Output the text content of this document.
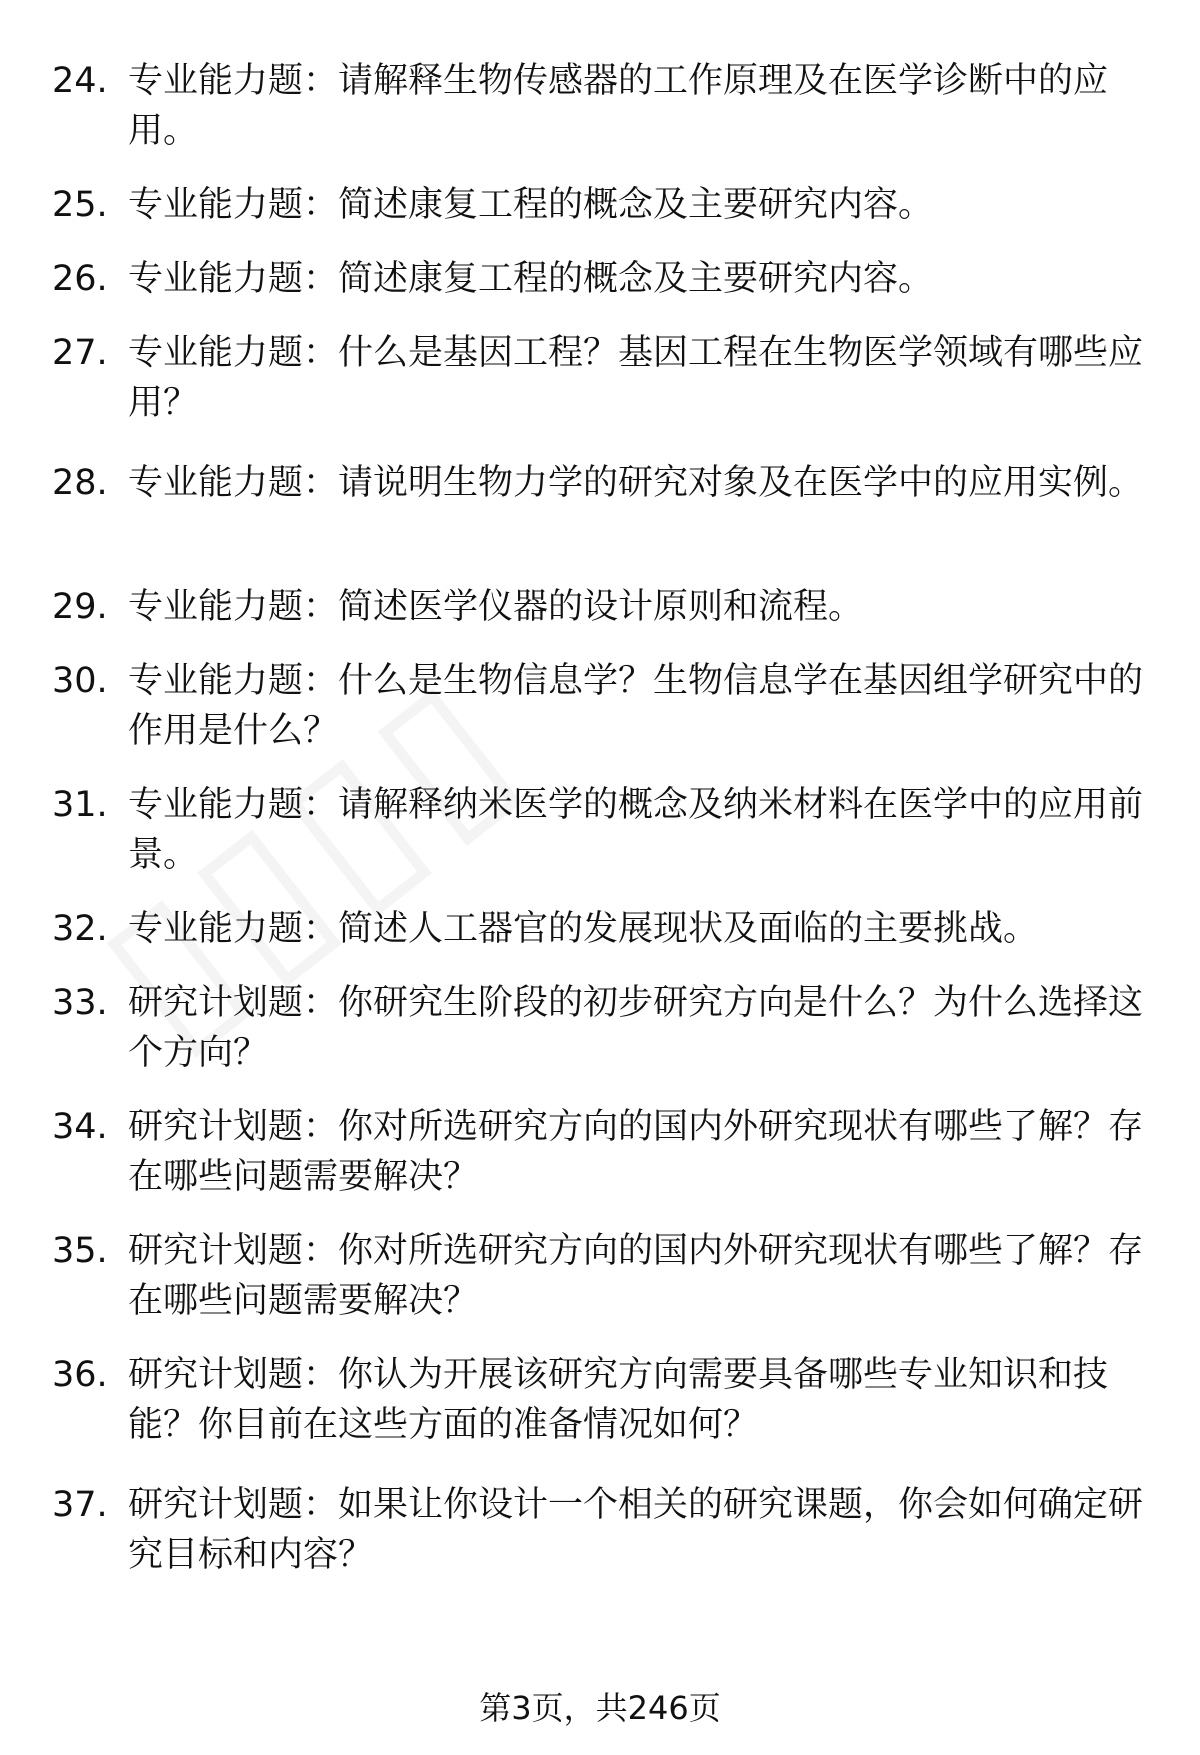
24. 专业能力题：请解释生物传感器的工作原理及在医学诊断中的应用。
25. 专业能力题：简述康复工程的概念及主要研究内容。
26. 专业能力题：简述康复工程的概念及主要研究内容。
27. 专业能力题：什么是基因工程？基因工程在生物医学领域有哪些应用？
28. 专业能力题：请说明生物力学的研究对象及在医学中的应用实例。
29. 专业能力题：简述医学仪器的设计原则和流程。
30. 专业能力题：什么是生物信息学？生物信息学在基因组学研究中的作用是什么？
31. 专业能力题：请解释纳米医学的概念及纳米材料在医学中的应用前景。
32. 专业能力题：简述人工器官的发展现状及面临的主要挑战。
33. 研究计划题：你研究生阶段的初步研究方向是什么？为什么选择这个方向？
34. 研究计划题：你对所选研究方向的国内外研究现状有哪些了解？存在哪些问题需要解决？
35. 研究计划题：你对所选研究方向的国内外研究现状有哪些了解？存在哪些问题需要解决？
36. 研究计划题：你认为开展该研究方向需要具备哪些专业知识和技能？你目前在这些方面的准备情况如何？
37. 研究计划题：如果让你设计一个相关的研究课题，你会如何确定研究目标和内容？
第3页，共246页
